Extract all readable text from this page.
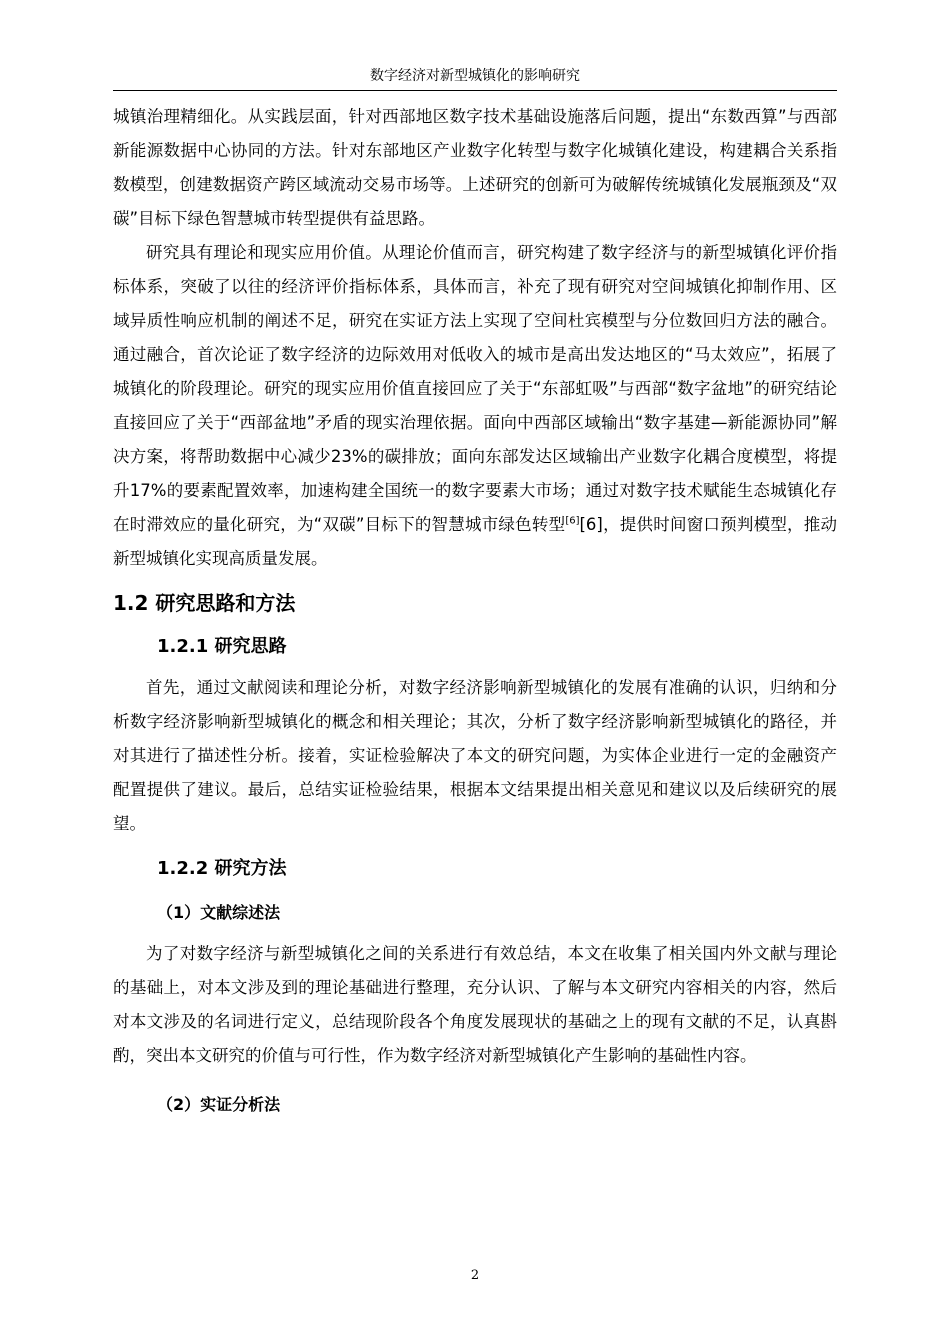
数字经济对新型城镇化的影响研究

城镇治理精细化。从实践层面，针对西部地区数字技术基础设施落后问题，提出“东数西算”与西部新能源数据中心协同的方法。针对东部地区产业数字化转型与数字化城镇化建设，构建耦合关系指数模型，创建数据资产跨区域流动交易市场等。上述研究的创新可为破解传统城镇化发展瓶颈及“双碳”目标下绿色智慧城市转型提供有益思路。

研究具有理论和现实应用价值。从理论价值而言，研究构建了数字经济与的新型城镇化评价指标体系，突破了以往的经济评价指标体系，具体而言，补充了现有研究对空间城镇化抑制作用、区域异质性响应机制的阐述不足，研究在实证方法上实现了空间杜宾模型与分位数回归方法的融合。通过融合，首次论证了数字经济的边际效用对低收入的城市是高出发达地区的“马太效应”，拓展了城镇化的阶段理论。研究的现实应用价值直接回应了关于“东部虹吸”与西部“数字盆地”的研究结论直接回应了关于“西部盆地”矛盾的现实治理依据。面向中西部区域输出“数字基建—新能源协同”解决方案，将帮助数据中心减少23%的碳排放；面向东部发达区域输出产业数字化耦合度模型，将提升17%的要素配置效率，加速构建全国统一的数字要素大市场；通过对数字技术赋能生态城镇化存在时滞效应的量化研究，为“双碳”目标下的智慧城市绿色转型[6][6]，提供时间窗口预判模型，推动新型城镇化实现高质量发展。

1.2 研究思路和方法
1.2.1 研究思路

首先，通过文献阅读和理论分析，对数字经济影响新型城镇化的发展有准确的认识，归纳和分析数字经济影响新型城镇化的概念和相关理论；其次，分析了数字经济影响新型城镇化的路径，并对其进行了描述性分析。接着，实证检验解决了本文的研究问题，为实体企业进行一定的金融资产配置提供了建议。最后，总结实证检验结果，根据本文结果提出相关意见和建议以及后续研究的展望。

1.2.2 研究方法
（1）文献综述法

为了对数字经济与新型城镇化之间的关系进行有效总结，本文在收集了相关国内外文献与理论的基础上，对本文涉及到的理论基础进行整理，充分认识、了解与本文研究内容相关的内容，然后对本文涉及的名词进行定义，总结现阶段各个角度发展现状的基础之上的现有文献的不足，认真斟酌，突出本文研究的价值与可行性，作为数字经济对新型城镇化产生影响的基础性内容。

（2）实证分析法
2
